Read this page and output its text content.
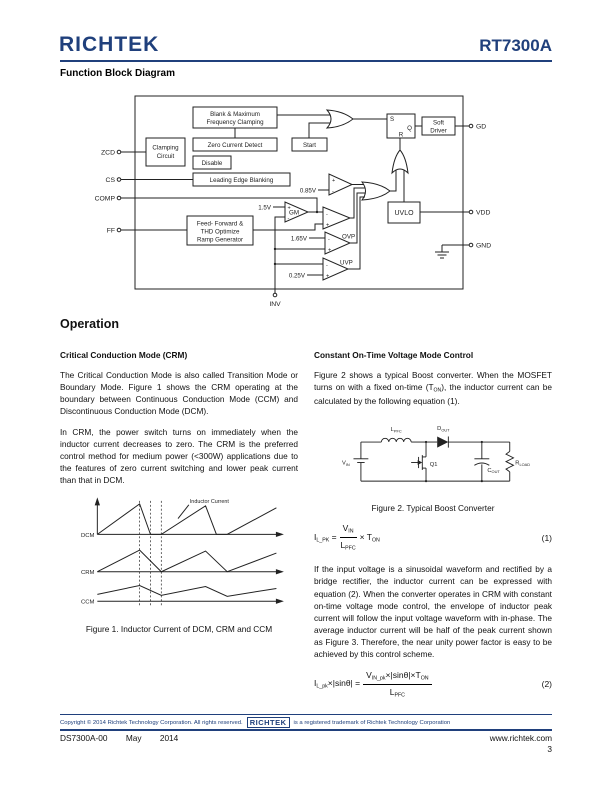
RICHTEK	RT7300A
Function Block Diagram
ZCD
CS
COMP
FF
INV
GD
VDD
GND
Blank & Maximum
Frequency Clamping
Zero Current Detect
Clamping
Circuit
Disable
Start
Leading Edge Blanking
Feed- Forward &
THD Optimize
Ramp Generator
S
Q
R
Soft
Driver
UVLO
+
-
0.85V
+
-
GM
1.5V
-
+
OVP
-
+
1.65V
UVP
-
+
0.25V
Operation
Critical Conduction Mode (CRM)

The Critical Conduction Mode is also called Transition Mode or Boundary Mode. Figure 1 shows the CRM operating at the boundary between Continuous Conduction Mode (CCM) and Discontinuous Conduction Mode (DCM).

In CRM, the power switch turns on immediately when the inductor current decreases to zero. The CRM is the preferred control method for medium power (<300W) applications due to the features of zero current switching and lower peak current than that in DCM.

DCM
CRM
CCM
Inductor Current
Figure 1. Inductor Current of DCM, CRM and CCM
Constant On-Time Voltage Mode Control

Figure 2 shows a typical Boost converter. When the MOSFET turns on with a fixed on-time $(T_{ON})$, the inductor current can be calculated by the following equation (1).

$V_{IN}$
$L_{PFC}$	$D_{OUT}$
Q1
$C_{OUT}$
$R_{LOAD}$
Figure 2. Typical Boost Converter
$I_{L\_PK} = \frac{V_{IN}}{L_{PFC}} \times T_{ON}$	(1)

If the input voltage is a sinusoidal waveform and rectified by a bridge rectifier, the inductor current can be expressed with equation (2). When the converter operates in CRM with constant on-time voltage mode control, the envelope of inductor peak current will follow the input voltage waveform with in-phase. The average inductor current will be half of the peak current shown as Figure 3. Therefore, the near unity power factor is easy to be achieved by this control scheme.

$I_{L\_pk}\times|\sin\theta| = \frac{V_{IN\_pk}\times|\sin\theta|\times T_{ON}}{L_{PFC}}$	(2)
Copyright © 2014 Richtek Technology Corporation. All rights reserved. RICHTEK	is a registered trademark of Richtek Technology Corporation
DS7300A-00 May 2014	www.richtek.com
3
